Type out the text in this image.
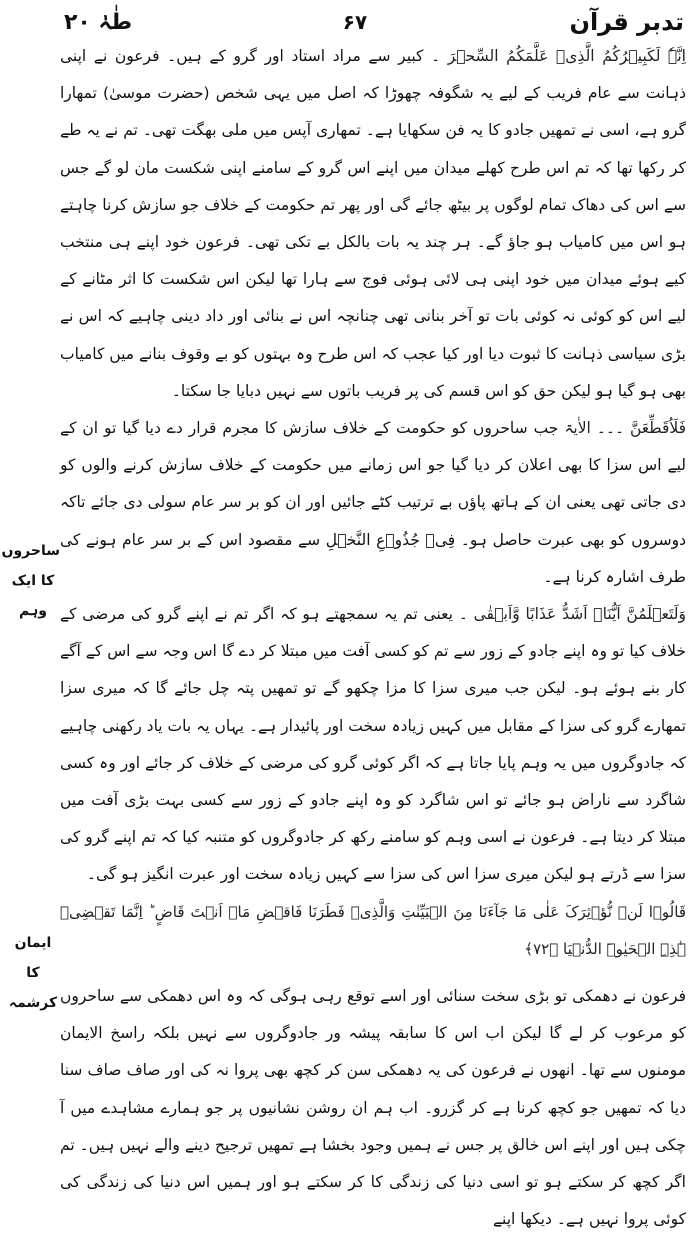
تدبر قرآن
۶۷
طٰہٰ ۲۰

اِنَّہٗ لَکَبِیۡرُکُمُ الَّذِیۡ عَلَّمَکُمُ السِّحۡرَ ۔ کبیر سے مراد استاد اور گرو کے ہیں۔ فرعون نے اپنی ذہانت سے عام فریب کے لیے یہ شگوفہ چھوڑا کہ اصل میں یہی شخص (حضرت موسیٰ) تمھارا گرو ہے، اسی نے تمھیں جادو کا یہ فن سکھایا ہے۔ تمھاری آپس میں ملی بھگت تھی۔ تم نے یہ طے کر رکھا تھا کہ تم اس طرح کھلے میدان میں اپنے اس گرو کے سامنے اپنی شکست مان لو گے جس سے اس کی دھاک تمام لوگوں پر بیٹھ جائے گی اور پھر تم حکومت کے خلاف جو سازش کرنا چاہتے ہو اس میں کامیاب ہو جاؤ گے۔ ہر چند یہ بات بالکل بے تکی تھی۔ فرعون خود اپنے ہی منتخب کیے ہوئے میدان میں خود اپنی ہی لائی ہوئی فوج سے ہارا تھا لیکن اس شکست کا اثر مٹانے کے لیے اس کو کوئی نہ کوئی بات تو آخر بنانی تھی چنانچہ اس نے بنائی اور داد دینی چاہیے کہ اس نے بڑی سیاسی ذہانت کا ثبوت دیا اور کیا عجب کہ اس طرح وہ بہتوں کو بے وقوف بنانے میں کامیاب بھی ہو گیا ہو لیکن حق کو اس قسم کی پر فریب باتوں سے نہیں دبایا جا سکتا۔

فَلَاُقَطِّعَنَّ ۔۔۔ الاٰیۃ جب ساحروں کو حکومت کے خلاف سازش کا مجرم قرار دے دیا گیا تو ان کے لیے اس سزا کا بھی اعلان کر دیا گیا جو اس زمانے میں حکومت کے خلاف سازش کرنے والوں کو دی جاتی تھی یعنی ان کے ہاتھ پاؤں بے ترتیب کٹے جائیں اور ان کو بر سر عام سولی دی جائے تاکہ دوسروں کو بھی عبرت حاصل ہو۔ فِیۡ جُذُوۡعِ النَّخۡلِ سے مقصود اس کے بر سر عام ہونے کی طرف اشارہ کرنا ہے۔

وَلَتَعۡلَمُنَّ اَیُّنَاۤ اَشَدُّ عَذَابًا وَّاَبۡقٰی ۔ یعنی تم یہ سمجھتے ہو کہ اگر تم نے اپنے گرو کی مرضی کے خلاف کیا تو وہ اپنے جادو کے زور سے تم کو کسی آفت میں مبتلا کر دے گا اس وجہ سے اس کے آگے کار بنے ہوئے ہو۔ لیکن جب میری سزا کا مزا چکھو گے تو تمھیں پتہ چل جائے گا کہ میری سزا تمھارے گرو کی سزا کے مقابل میں کہیں زیادہ سخت اور پائیدار ہے۔ یہاں یہ بات یاد رکھنی چاہیے کہ جادوگروں میں یہ وہم پایا جاتا ہے کہ اگر کوئی گرو کی مرضی کے خلاف کر جائے اور وہ کسی شاگرد سے ناراض ہو جائے تو اس شاگرد کو وہ اپنے جادو کے زور سے کسی بہت بڑی آفت میں مبتلا کر دیتا ہے۔ فرعون نے اسی وہم کو سامنے رکھ کر جادوگروں کو متنبہ کیا کہ تم اپنے گرو کی سزا سے ڈرتے ہو لیکن میری سزا اس کی سزا سے کہیں زیادہ سخت اور عبرت انگیز ہو گی۔

قَالُوۡا لَنۡ نُّؤۡثِرَکَ عَلٰی مَا جَآءَنَا مِنَ الۡبَیِّنٰتِ وَالَّذِیۡ فَطَرَنَا فَاقۡضِ مَاۤ اَنۡتَ قَاضٍ ؕ اِنَّمَا تَقۡضِیۡ ہٰذِہِ الۡحَیٰوۃَ الدُّنۡیَا ﴿۷۲﴾

فرعون نے دھمکی تو بڑی سخت سنائی اور اسے توقع رہی ہوگی کہ وہ اس دھمکی سے ساحروں کو مرعوب کر لے گا لیکن اب اس کا سابقہ پیشہ ور جادوگروں سے نہیں بلکہ راسخ الایمان مومنوں سے تھا۔ انھوں نے فرعون کی یہ دھمکی سن کر کچھ بھی پروا نہ کی اور صاف صاف سنا دیا کہ تمھیں جو کچھ کرنا ہے کر گزرو۔ اب ہم ان روشن نشانیوں پر جو ہمارے مشاہدے میں آ چکی ہیں اور اپنے اس خالق پر جس نے ہمیں وجود بخشا ہے تمھیں ترجیح دینے والے نہیں ہیں۔ تم اگر کچھ کر سکتے ہو تو اسی دنیا کی زندگی کا کر سکتے ہو اور ہمیں اس دنیا کی زندگی کی کوئی پروا نہیں ہے۔ دیکھا اپنے

ساحروں کا ایک وہم
ایمان کا کرشمہ
